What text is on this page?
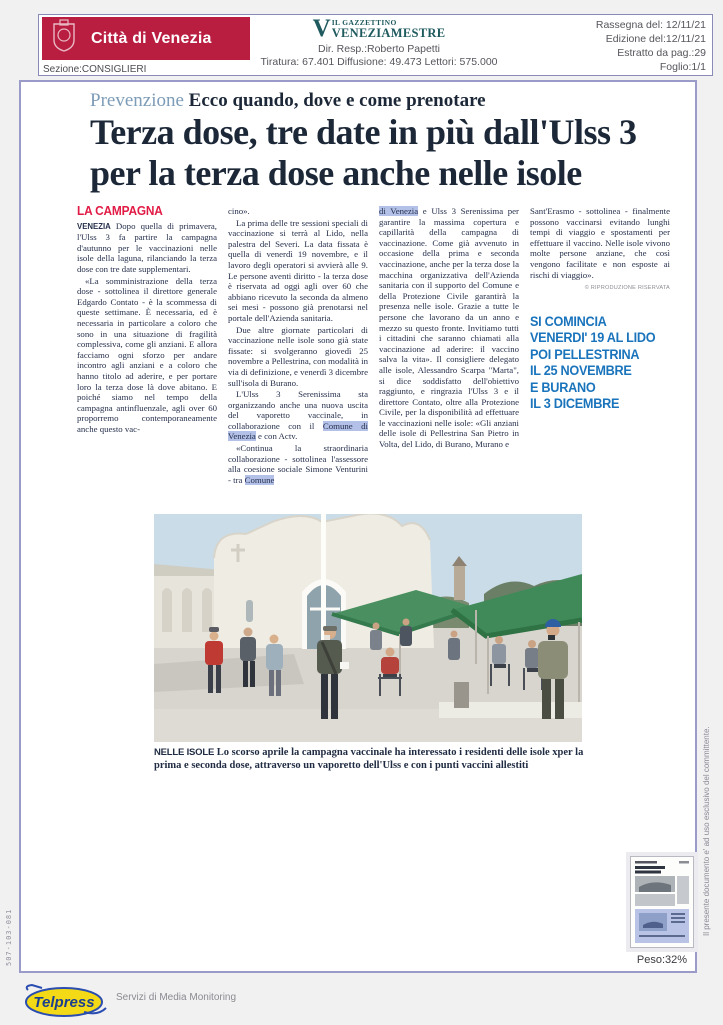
507-103-081
Il presente documento e' ad uso esclusivo del committente.
Città di Venezia
Sezione:CONSIGLIERI
V IL GAZZETTINO
VENEZIAMESTRE
Dir. Resp.:Roberto Papetti
Tiratura: 67.401 Diffusione: 49.473 Lettori: 575.000
Rassegna del: 12/11/21
Edizione del:12/11/21
Estratto da pag.:29
Foglio:1/1
Prevenzione Ecco quando, dove e come prenotare
Terza dose, tre date in più dall'Ulss 3 per la terza dose anche nelle isole
LA CAMPAGNA

VENEZIA Dopo quella di primavera, l'Ulss 3 fa partire la campagna d'autunno per le vaccinazioni nelle isole della laguna, rilanciando la terza dose con tre date supplementari.

«La somministrazione della terza dose - sottolinea il direttore generale Edgardo Contato - è la scommessa di queste settimane. È necessaria, ed è necessaria in particolare a coloro che sono in una situazione di fragilità complessiva, come gli anziani. E allora facciamo ogni sforzo per andare incontro agli anziani e a coloro che hanno titolo ad aderire, e per portare loro la terza dose là dove abitano. E poiché siamo nel tempo della campagna antinfluenzale, agli over 60 proporremo contemporaneamente anche questo vac-

cino».

La prima delle tre sessioni speciali di vaccinazione si terrà al Lido, nella palestra del Severi. La data fissata è quella di venerdì 19 novembre, e il lavoro degli operatori si avvierà alle 9. Le persone aventi diritto - la terza dose è riservata ad oggi agli over 60 che abbiano ricevuto la seconda da almeno sei mesi - possono già prenotarsi nel portale dell'Azienda sanitaria.

Due altre giornate particolari di vaccinazione nelle isole sono già state fissate: si svolgeranno giovedì 25 novembre a Pellestrina, con modalità in via di definizione, e venerdì 3 dicembre sull'isola di Burano.

L'Ulss 3 Serenissima sta organizzando anche una nuova uscita del vaporetto vaccinale, in collaborazione con il Comune di Venezia e con Actv.

«Continua la straordinaria collaborazione - sottolinea l'assessore alla coesione sociale Simone Venturini - tra Comune

di Venezia e Ulss 3 Serenissima per garantire la massima copertura e capillarità della campagna di vaccinazione. Come già avvenuto in occasione della prima e seconda vaccinazione, anche per la terza dose la macchina organizzativa dell'Azienda sanitaria con il supporto del Comune e della Protezione Civile garantirà la presenza nelle isole. Grazie a tutte le persone che lavorano da un anno e mezzo su questo fronte. Invitiamo tutti i cittadini che saranno chiamati alla vaccinazione ad aderire: il vaccino salva la vita». Il consigliere delegato alle isole, Alessandro Scarpa "Marta", si dice soddisfatto dell'obiettivo raggiunto, e ringrazia l'Ulss 3 e il direttore Contato, oltre alla Protezione Civile, per la disponibilità ad effettuare le vaccinazioni nelle isole: «Gli anziani delle isole di Pellestrina San Pietro in Volta, del Lido, di Burano, Murano e

Sant'Erasmo - sottolinea - finalmente possono vaccinarsi evitando lunghi tempi di viaggio e spostamenti per effettuare il vaccino. Nelle isole vivono molte persone anziane, che così vengono facilitate e non esposte ai rischi di viaggio».

© RIPRODUZIONE RISERVATA
SI COMINCIA
VENERDI' 19 AL LIDO
POI PELLESTRINA
IL 25 NOVEMBRE
E BURANO
IL 3 DICEMBRE
NELLE ISOLE Lo scorso aprile la campagna vaccinale ha interessato i residenti delle isole xper la prima e seconda dose, attraverso un vaporetto dell'Ulss e con i punti vaccini allestiti
Peso:32%
Telpress Servizi di Media Monitoring
